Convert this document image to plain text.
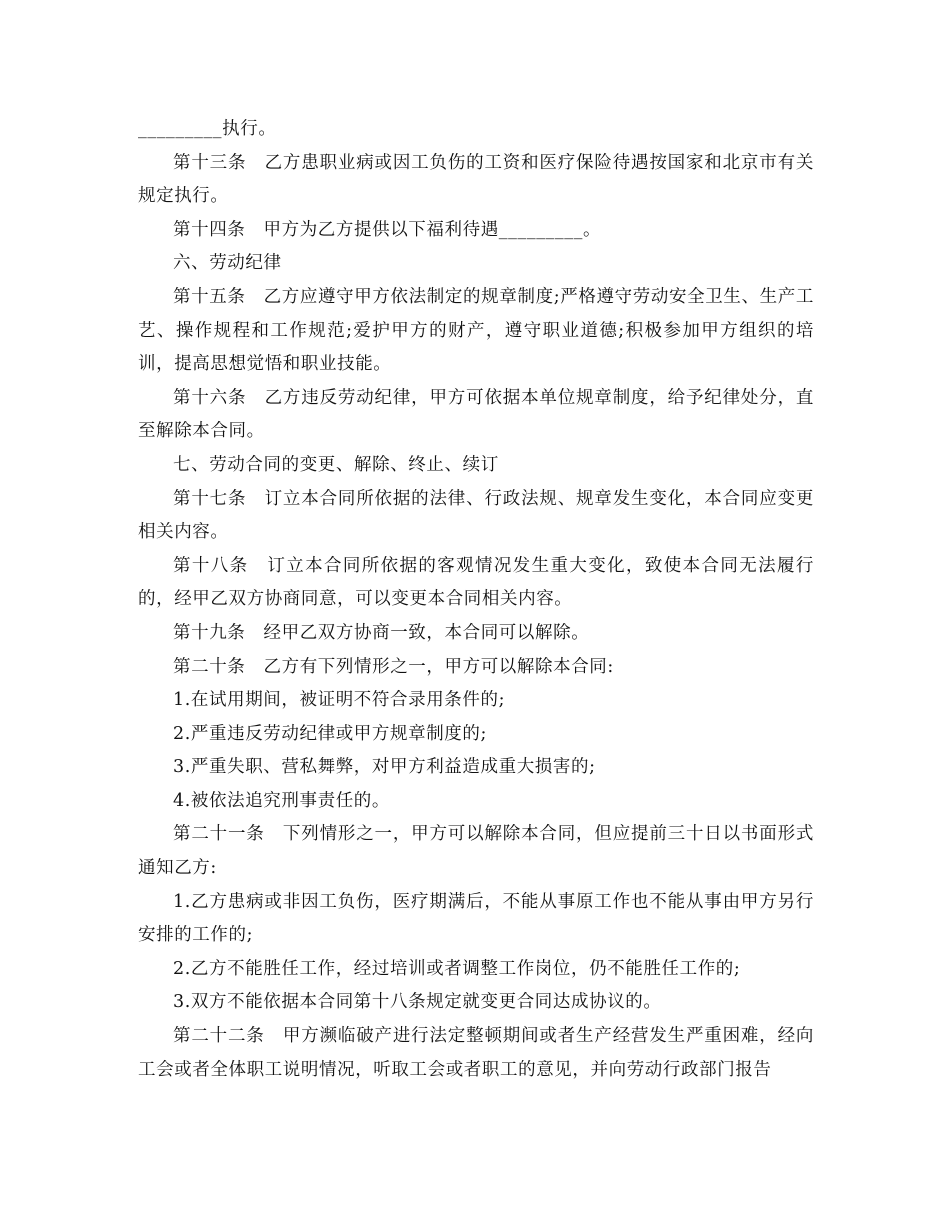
_________执行。

第十三条　乙方患职业病或因工负伤的工资和医疗保险待遇按国家和北京市有关规定执行。

第十四条　甲方为乙方提供以下福利待遇_________。

六、劳动纪律

第十五条　乙方应遵守甲方依法制定的规章制度;严格遵守劳动安全卫生、生产工艺、操作规程和工作规范;爱护甲方的财产，遵守职业道德;积极参加甲方组织的培训，提高思想觉悟和职业技能。

第十六条　乙方违反劳动纪律，甲方可依据本单位规章制度，给予纪律处分，直至解除本合同。

七、劳动合同的变更、解除、终止、续订

第十七条　订立本合同所依据的法律、行政法规、规章发生变化，本合同应变更相关内容。

第十八条　订立本合同所依据的客观情况发生重大变化，致使本合同无法履行的，经甲乙双方协商同意，可以变更本合同相关内容。

第十九条　经甲乙双方协商一致，本合同可以解除。

第二十条　乙方有下列情形之一，甲方可以解除本合同:

1.在试用期间，被证明不符合录用条件的;

2.严重违反劳动纪律或甲方规章制度的;

3.严重失职、营私舞弊，对甲方利益造成重大损害的;

4.被依法追究刑事责任的。

第二十一条　下列情形之一，甲方可以解除本合同，但应提前三十日以书面形式通知乙方:

1.乙方患病或非因工负伤，医疗期满后，不能从事原工作也不能从事由甲方另行安排的工作的;

2.乙方不能胜任工作，经过培训或者调整工作岗位，仍不能胜任工作的;

3.双方不能依据本合同第十八条规定就变更合同达成协议的。

第二十二条　甲方濒临破产进行法定整顿期间或者生产经营发生严重困难，经向工会或者全体职工说明情况，听取工会或者职工的意见，并向劳动行政部门报告
